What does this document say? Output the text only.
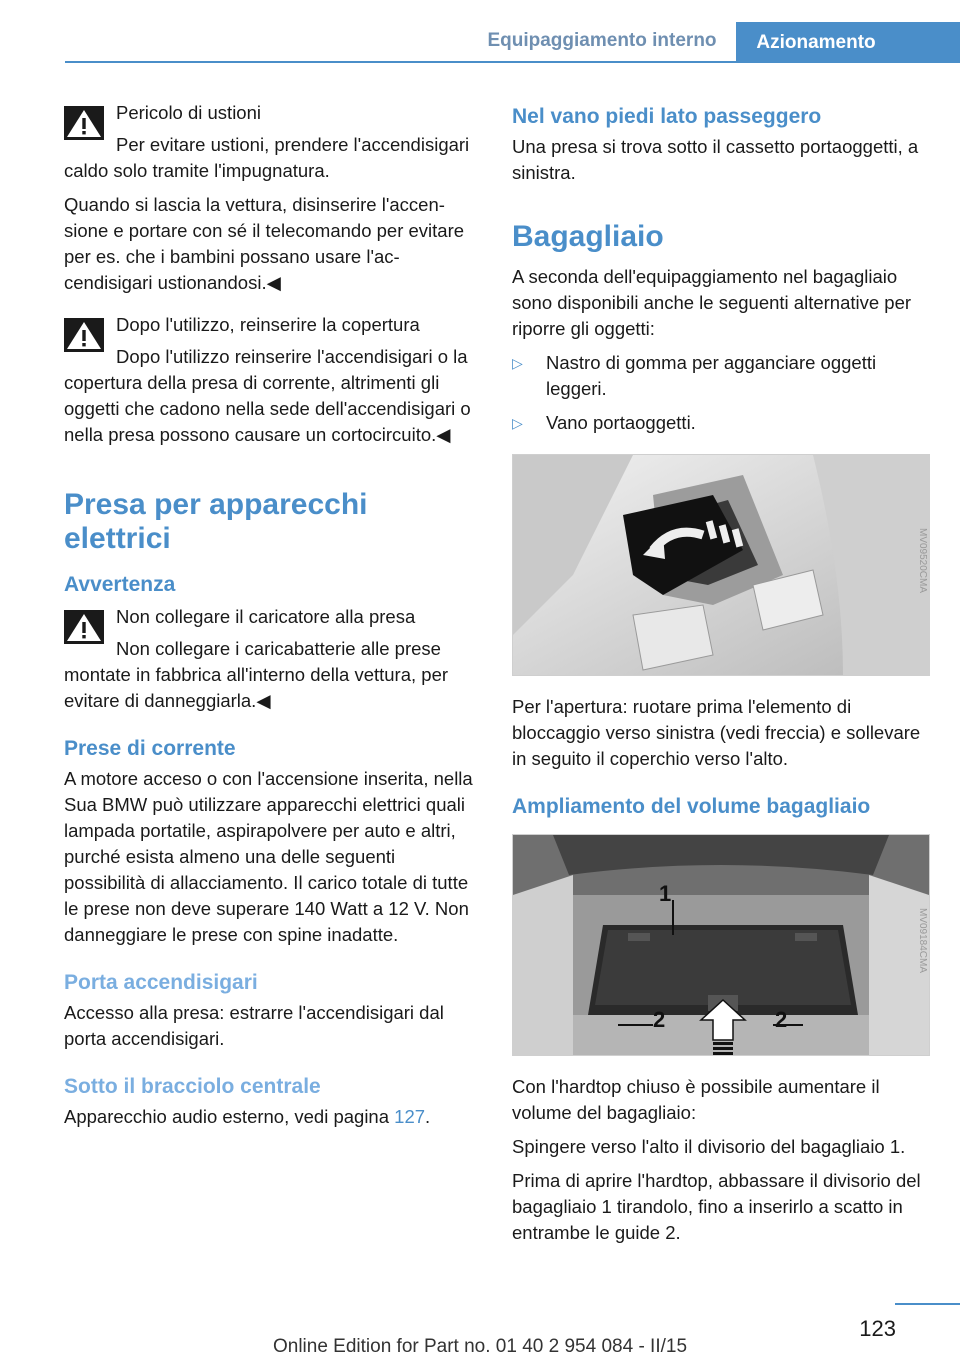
Equipaggiamento interno	Azionamento
Pericolo di ustioni

Per evitare ustioni, prendere l'accendisigari caldo solo tramite l'impugnatura.

Quando si lascia la vettura, disinserire l'accensione e portare con sé il telecomando per evitare per es. che i bambini possano usare l'accendisigari ustionandosi.◀

Dopo l'utilizzo, reinserire la copertura

Dopo l'utilizzo reinserire l'accendisigari o la copertura della presa di corrente, altrimenti gli oggetti che cadono nella sede dell'accendisigari o nella presa possono causare un cortocircuito.◀

Presa per apparecchi elettrici
Avvertenza
Non collegare il caricatore alla presa

Non collegare i caricabatterie alle prese montate in fabbrica all'interno della vettura, per evitare di danneggiarla.◀

Prese di corrente

A motore acceso o con l'accensione inserita, nella Sua BMW può utilizzare apparecchi elettrici quali lampada portatile, aspirapolvere per auto e altri, purché esista almeno una delle seguenti possibilità di allacciamento. Il carico totale di tutte le prese non deve superare 140 Watt a 12 V. Non danneggiare le prese con spine inadatte.

Porta accendisigari

Accesso alla presa: estrarre l'accendisigari dal porta accendisigari.

Sotto il bracciolo centrale

Apparecchio audio esterno, vedi pagina 127.

Nel vano piedi lato passeggero

Una presa si trova sotto il cassetto portaoggetti, a sinistra.

Bagagliaio

A seconda dell'equipaggiamento nel bagagliaio sono disponibili anche le seguenti alternative per riporre gli oggetti:

▷ Nastro di gomma per agganciare oggetti leggeri.
▷ Vano portaoggetti.
MV09520CMA

Per l'apertura: ruotare prima l'elemento di bloccaggio verso sinistra (vedi freccia) e sollevare in seguito il coperchio verso l'alto.

Ampliamento del volume bagagliaio
1
2	2
MV09184CMA

Con l'hardtop chiuso è possibile aumentare il volume del bagagliaio:

Spingere verso l'alto il divisorio del bagagliaio 1.

Prima di aprire l'hardtop, abbassare il divisorio del bagagliaio 1 tirandolo, fino a inserirlo a scatto in entrambe le guide 2.

123
Online Edition for Part no. 01 40 2 954 084 - II/15
